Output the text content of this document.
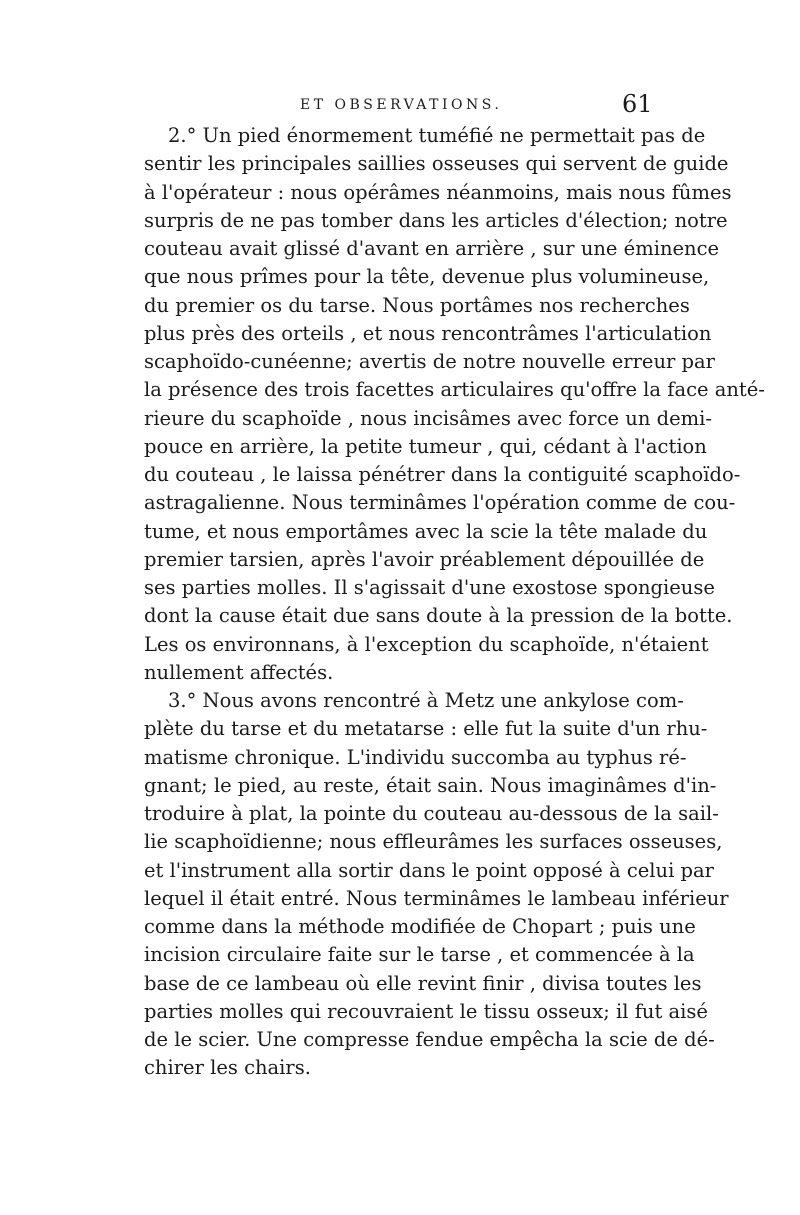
ET OBSERVATIONS.	61
2.° Un pied énormement tuméfié ne permettait pas de
sentir les principales saillies osseuses qui servent de guide
à l'opérateur : nous opérâmes néanmoins, mais nous fûmes
surpris de ne pas tomber dans les articles d'élection; notre
couteau avait glissé d'avant en arrière , sur une éminence
que nous prîmes pour la tête, devenue plus volumineuse,
du premier os du tarse. Nous portâmes nos recherches
plus près des orteils , et nous rencontrâmes l'articulation
scaphoïdo-cunéenne; avertis de notre nouvelle erreur par
la présence des trois facettes articulaires qu'offre la face anté-
rieure du scaphoïde , nous incisâmes avec force un demi-
pouce en arrière, la petite tumeur , qui, cédant à l'action
du couteau , le laissa pénétrer dans la contiguité scaphoïdo-
astragalienne. Nous terminâmes l'opération comme de cou-
tume, et nous emportâmes avec la scie la tête malade du
premier tarsien, après l'avoir préablement dépouillée de
ses parties molles. Il s'agissait d'une exostose spongieuse
dont la cause était due sans doute à la pression de la botte.
Les os environnans, à l'exception du scaphoïde, n'étaient
nullement affectés.
3.° Nous avons rencontré à Metz une ankylose com-
plète du tarse et du metatarse : elle fut la suite d'un rhu-
matisme chronique. L'individu succomba au typhus ré-
gnant; le pied, au reste, était sain. Nous imaginâmes d'in-
troduire à plat, la pointe du couteau au-dessous de la sail-
lie scaphoïdienne; nous effleurâmes les surfaces osseuses,
et l'instrument alla sortir dans le point opposé à celui par
lequel il était entré. Nous terminâmes le lambeau inférieur
comme dans la méthode modifiée de Chopart ; puis une
incision circulaire faite sur le tarse , et commencée à la
base de ce lambeau où elle revint finir , divisa toutes les
parties molles qui recouvraient le tissu osseux; il fut aisé
de le scier. Une compresse fendue empêcha la scie de dé-
chirer les chairs.
